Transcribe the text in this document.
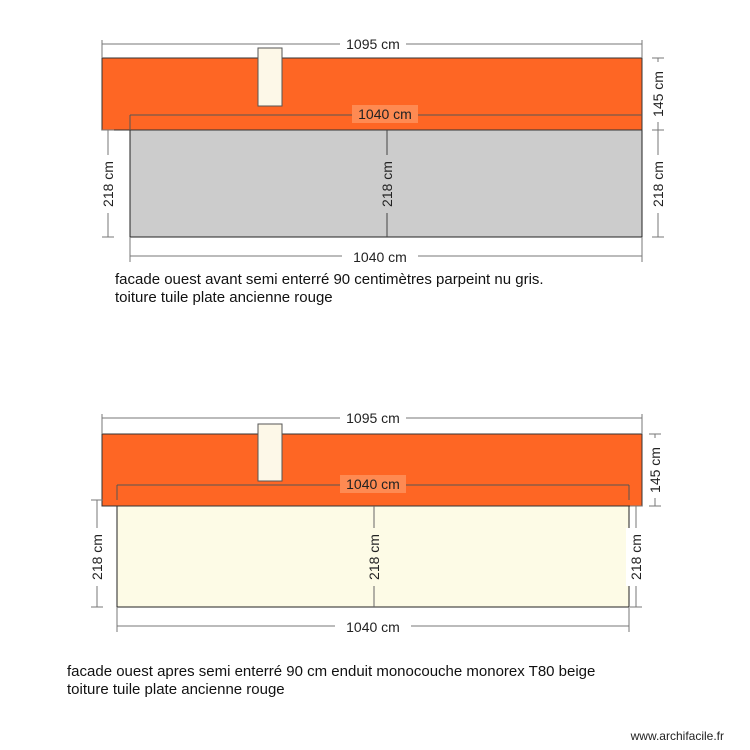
1095 cm
1040 cm	145 cm
218 cm
218 cm	218 cm
1040 cm
facade ouest avant semi enterré 90 centimètres parpeint nu gris.
toiture tuile plate ancienne rouge
1095 cm
1040 cm	145 cm
218 cm
218 cm	218 cm
1040 cm
facade ouest apres semi enterré 90 cm enduit monocouche monorex T80 beige
toiture tuile plate ancienne rouge
www.archifacile.fr
